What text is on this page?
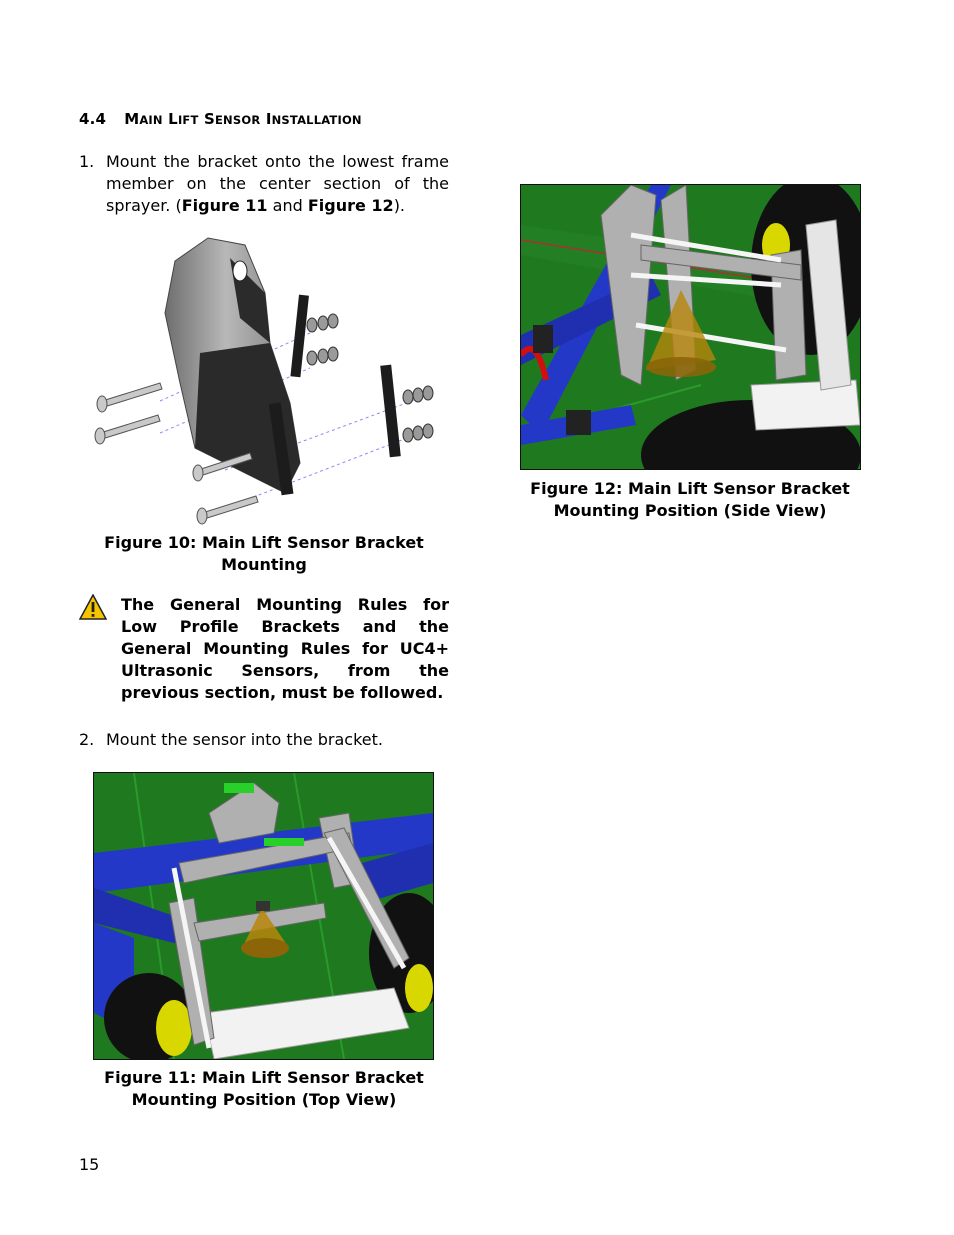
4.4 MAIN LIFT SENSOR INSTALLATION
1. Mount the bracket onto the lowest frame member on the center section of the sprayer. (Figure 11 and Figure 12).
Figure 10: Main Lift Sensor Bracket
Mounting
The General Mounting Rules for Low Profile Brackets and the General Mounting Rules for UC4+ Ultrasonic Sensors, from the previous section, must be followed.
2. Mount the sensor into the bracket.
Figure 11: Main Lift Sensor Bracket
Mounting Position (Top View)
Figure 12: Main Lift Sensor Bracket
Mounting Position (Side View)
15
